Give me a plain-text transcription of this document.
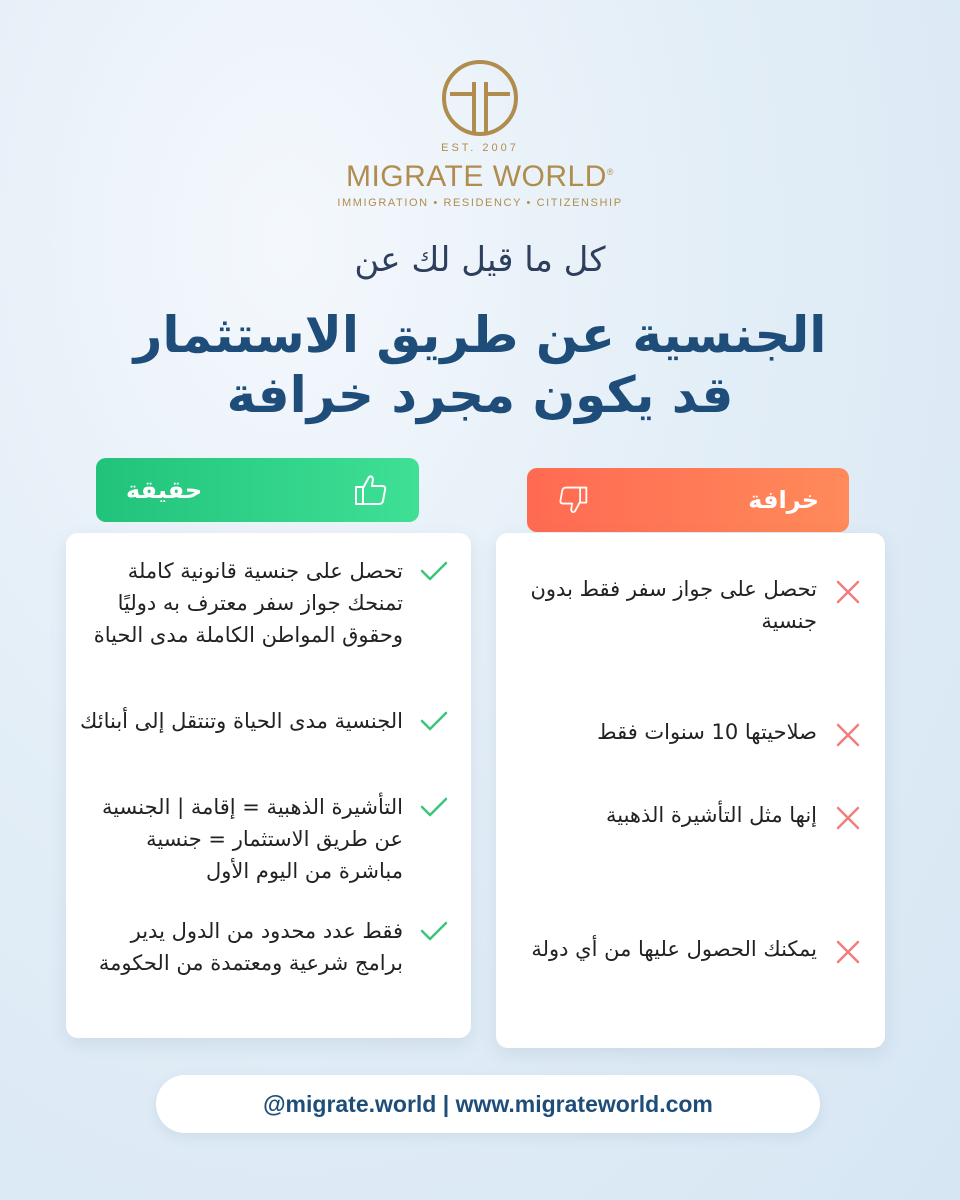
EST. 2007
MIGRATE WORLD®
IMMIGRATION • RESIDENCY • CITIZENSHIP
كل ما قيل لك عن
الجنسية عن طريق الاستثمار
قد يكون مجرد خرافة
حقيقة	خرافة
تحصل على جنسية قانونية كاملة تمنحك جواز سفر معترف به دوليًا وحقوق المواطن الكاملة مدى الحياة
الجنسية مدى الحياة وتنتقل إلى أبنائك
التأشيرة الذهبية = إقامة | الجنسية عن طريق الاستثمار = جنسية مباشرة من اليوم الأول
فقط عدد محدود من الدول يدير برامج شرعية ومعتمدة من الحكومة
تحصل على جواز سفر فقط بدون جنسية
صلاحيتها 10 سنوات فقط
إنها مثل التأشيرة الذهبية
يمكنك الحصول عليها من أي دولة
@migrate.world | www.migrateworld.com
